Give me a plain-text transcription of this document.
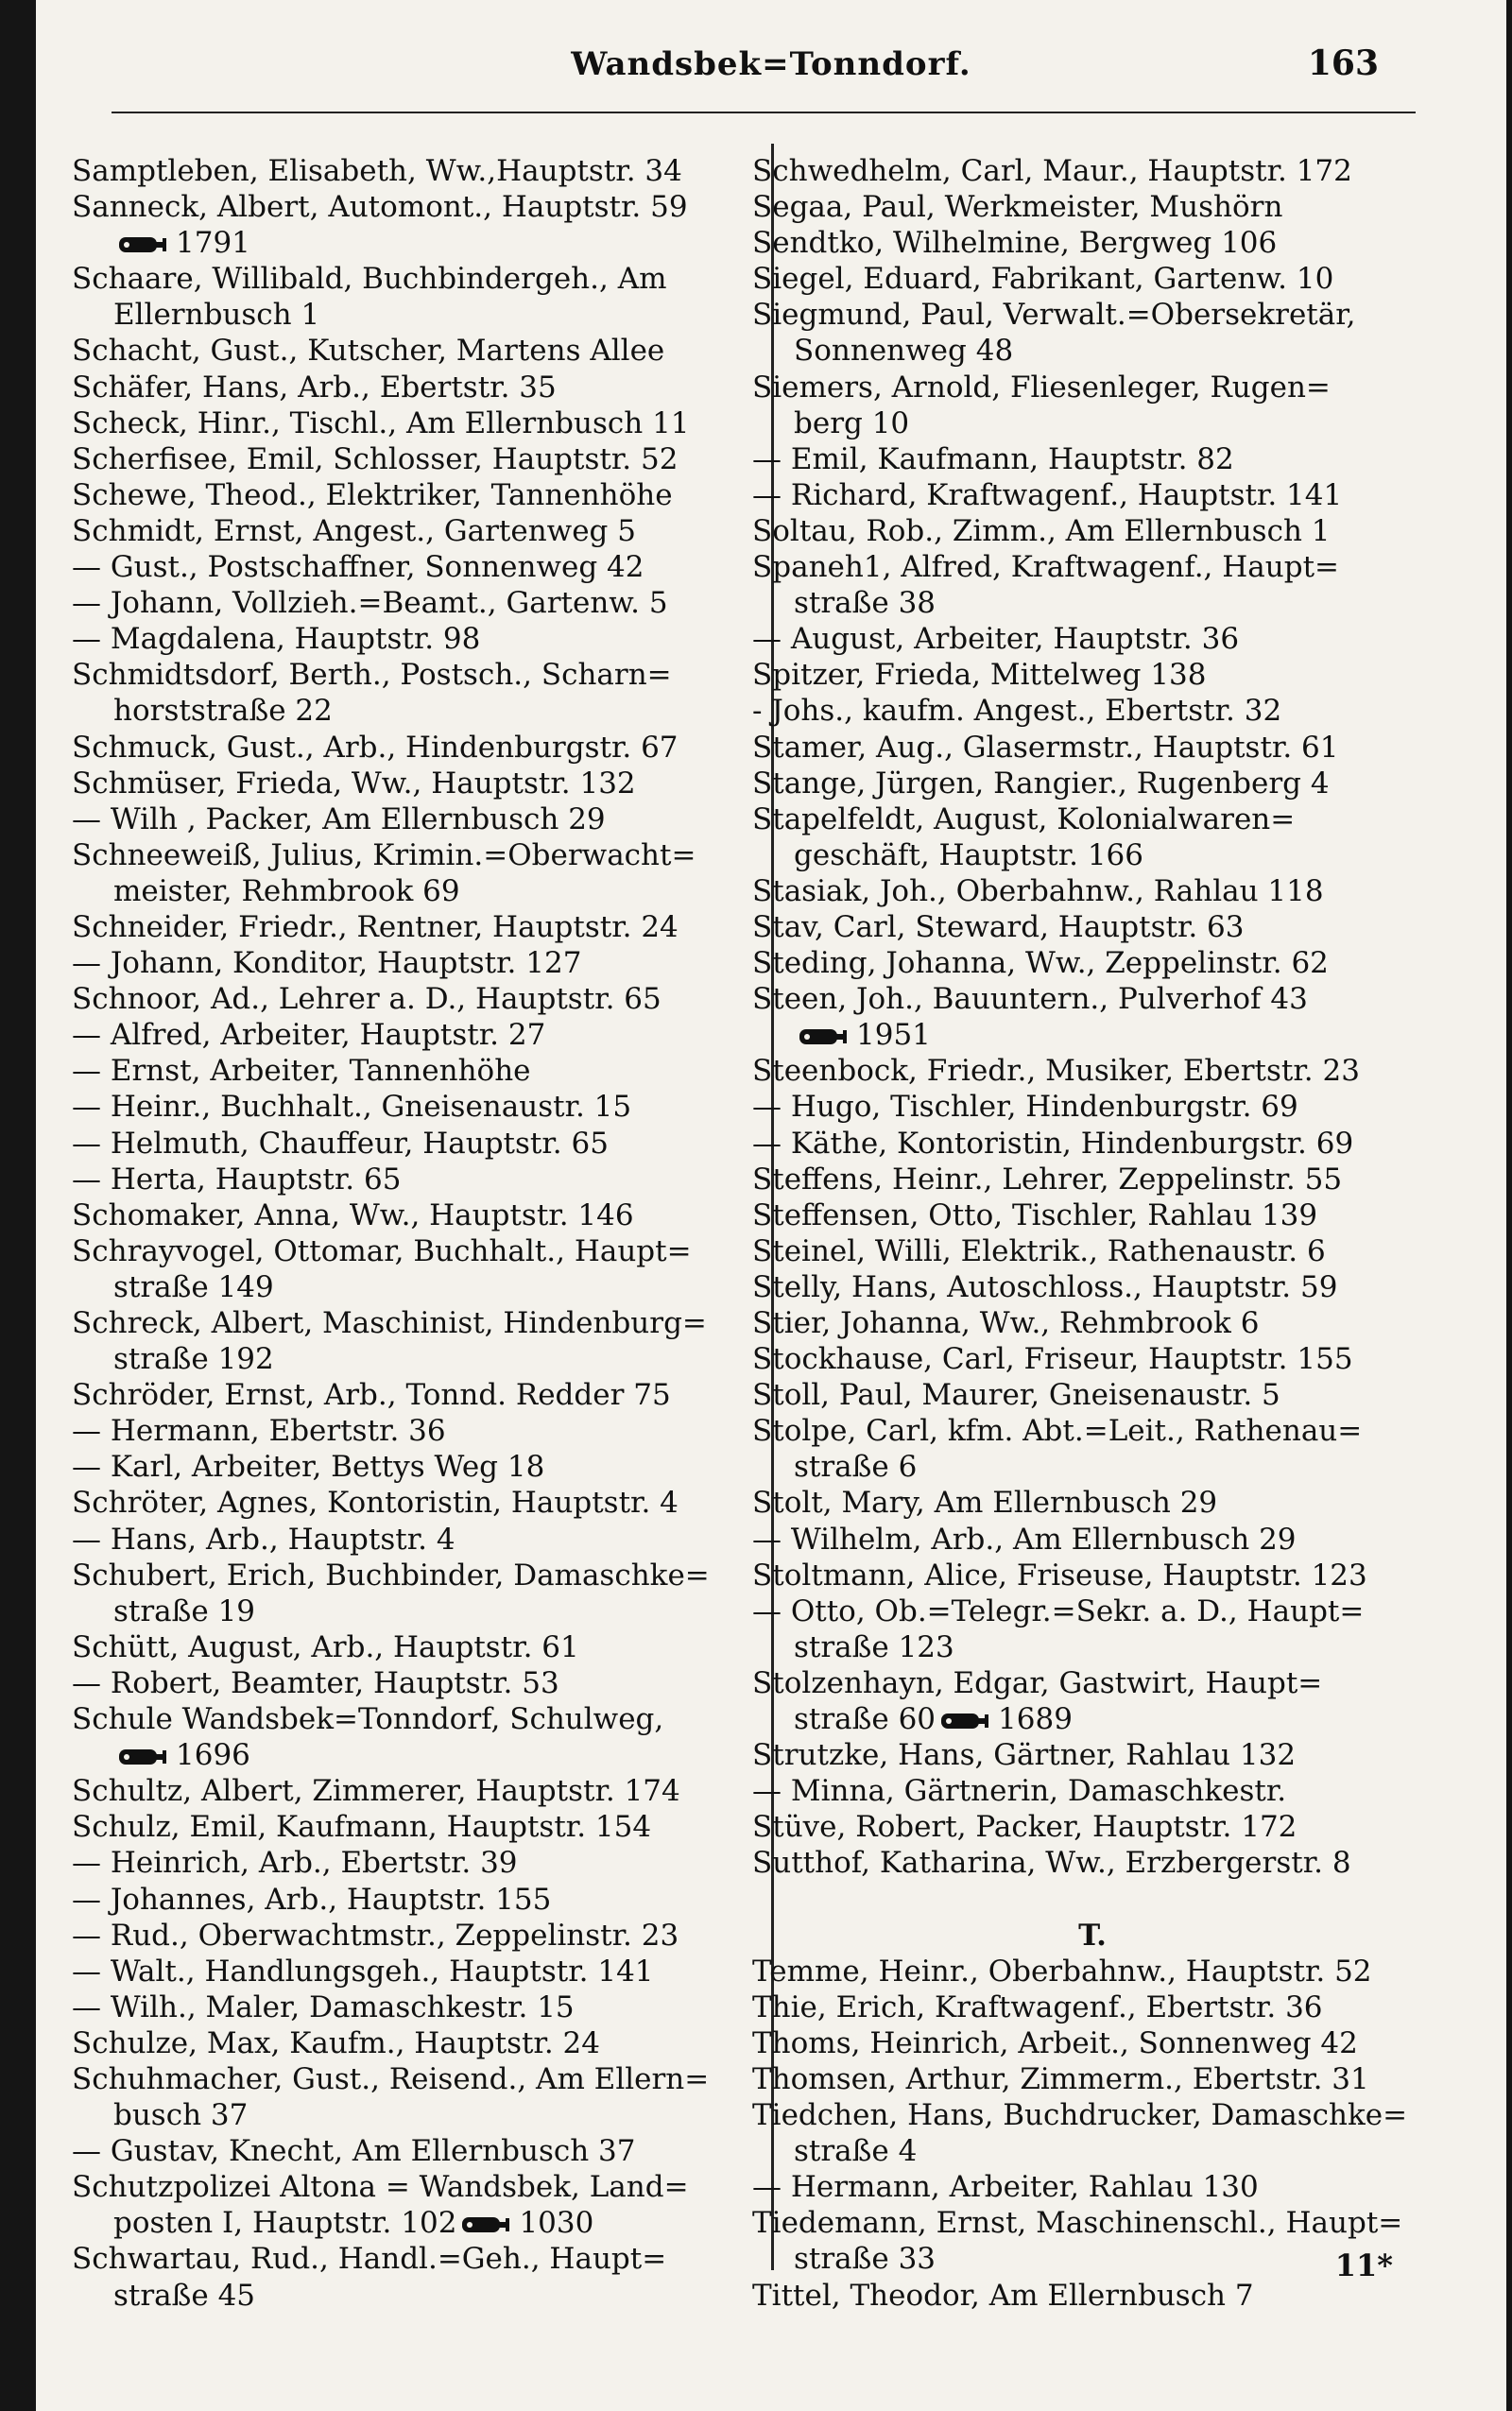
Wandsbek=Tonndorf.	163
Samptleben, Elisabeth, Ww.,Hauptstr. 34
Sanneck, Albert, Automont., Hauptstr. 59
1791
Schaare, Willibald, Buchbindergeh., Am
Ellernbusch 1
Schacht, Gust., Kutscher, Martens Allee
Schäfer, Hans, Arb., Ebertstr. 35
Scheck, Hinr., Tischl., Am Ellernbusch 11
Scherfisee, Emil, Schlosser, Hauptstr. 52
Schewe, Theod., Elektriker, Tannenhöhe
Schmidt, Ernst, Angest., Gartenweg 5
— Gust., Postschaffner, Sonnenweg 42
— Johann, Vollzieh.=Beamt., Gartenw. 5
— Magdalena, Hauptstr. 98
Schmidtsdorf, Berth., Postsch., Scharn=
horststraße 22
Schmuck, Gust., Arb., Hindenburgstr. 67
Schmüser, Frieda, Ww., Hauptstr. 132
— Wilh , Packer, Am Ellernbusch 29
Schneeweiß, Julius, Krimin.=Oberwacht=
meister, Rehmbrook 69
Schneider, Friedr., Rentner, Hauptstr. 24
— Johann, Konditor, Hauptstr. 127
Schnoor, Ad., Lehrer a. D., Hauptstr. 65
— Alfred, Arbeiter, Hauptstr. 27
— Ernst, Arbeiter, Tannenhöhe
— Heinr., Buchhalt., Gneisenaustr. 15
— Helmuth, Chauffeur, Hauptstr. 65
— Herta, Hauptstr. 65
Schomaker, Anna, Ww., Hauptstr. 146
Schrayvogel, Ottomar, Buchhalt., Haupt=
straße 149
Schreck, Albert, Maschinist, Hindenburg=
straße 192
Schröder, Ernst, Arb., Tonnd. Redder 75
— Hermann, Ebertstr. 36
— Karl, Arbeiter, Bettys Weg 18
Schröter, Agnes, Kontoristin, Hauptstr. 4
— Hans, Arb., Hauptstr. 4
Schubert, Erich, Buchbinder, Damaschke=
straße 19
Schütt, August, Arb., Hauptstr. 61
— Robert, Beamter, Hauptstr. 53
Schule Wandsbek=Tonndorf, Schulweg,
1696
Schultz, Albert, Zimmerer, Hauptstr. 174
Schulz, Emil, Kaufmann, Hauptstr. 154
— Heinrich, Arb., Ebertstr. 39
— Johannes, Arb., Hauptstr. 155
— Rud., Oberwachtmstr., Zeppelinstr. 23
— Walt., Handlungsgeh., Hauptstr. 141
— Wilh., Maler, Damaschkestr. 15
Schulze, Max, Kaufm., Hauptstr. 24
Schuhmacher, Gust., Reisend., Am Ellern=
busch 37
— Gustav, Knecht, Am Ellernbusch 37
Schutzpolizei Altona = Wandsbek, Land=
posten I, Hauptstr. 102 1030
Schwartau, Rud., Handl.=Geh., Haupt=
straße 45
Schwedhelm, Carl, Maur., Hauptstr. 172
Segaa, Paul, Werkmeister, Mushörn
Sendtko, Wilhelmine, Bergweg 106
Siegel, Eduard, Fabrikant, Gartenw. 10
Siegmund, Paul, Verwalt.=Obersekretär,
Sonnenweg 48
Siemers, Arnold, Fliesenleger, Rugen=
berg 10
— Emil, Kaufmann, Hauptstr. 82
— Richard, Kraftwagenf., Hauptstr. 141
Soltau, Rob., Zimm., Am Ellernbusch 1
Spaneh1, Alfred, Kraftwagenf., Haupt=
straße 38
— August, Arbeiter, Hauptstr. 36
Spitzer, Frieda, Mittelweg 138
- Johs., kaufm. Angest., Ebertstr. 32
Stamer, Aug., Glasermstr., Hauptstr. 61
Stange, Jürgen, Rangier., Rugenberg 4
Stapelfeldt, August, Kolonialwaren=
geschäft, Hauptstr. 166
Stasiak, Joh., Oberbahnw., Rahlau 118
Stav, Carl, Steward, Hauptstr. 63
Steding, Johanna, Ww., Zeppelinstr. 62
Steen, Joh., Bauuntern., Pulverhof 43
1951
Steenbock, Friedr., Musiker, Ebertstr. 23
— Hugo, Tischler, Hindenburgstr. 69
— Käthe, Kontoristin, Hindenburgstr. 69
Steffens, Heinr., Lehrer, Zeppelinstr. 55
Steffensen, Otto, Tischler, Rahlau 139
Steinel, Willi, Elektrik., Rathenaustr. 6
Stelly, Hans, Autoschloss., Hauptstr. 59
Stier, Johanna, Ww., Rehmbrook 6
Stockhause, Carl, Friseur, Hauptstr. 155
Stoll, Paul, Maurer, Gneisenaustr. 5
Stolpe, Carl, kfm. Abt.=Leit., Rathenau=
straße 6
Stolt, Mary, Am Ellernbusch 29
— Wilhelm, Arb., Am Ellernbusch 29
Stoltmann, Alice, Friseuse, Hauptstr. 123
— Otto, Ob.=Telegr.=Sekr. a. D., Haupt=
straße 123
Stolzenhayn, Edgar, Gastwirt, Haupt=
straße 60 1689
Strutzke, Hans, Gärtner, Rahlau 132
— Minna, Gärtnerin, Damaschkestr.
Stüve, Robert, Packer, Hauptstr. 172
Sutthof, Katharina, Ww., Erzbergerstr. 8
T.
Temme, Heinr., Oberbahnw., Hauptstr. 52
Thie, Erich, Kraftwagenf., Ebertstr. 36
Thoms, Heinrich, Arbeit., Sonnenweg 42
Thomsen, Arthur, Zimmerm., Ebertstr. 31
Tiedchen, Hans, Buchdrucker, Damaschke=
straße 4
— Hermann, Arbeiter, Rahlau 130
Tiedemann, Ernst, Maschinenschl., Haupt=
straße 33
Tittel, Theodor, Am Ellernbusch 7
11*
